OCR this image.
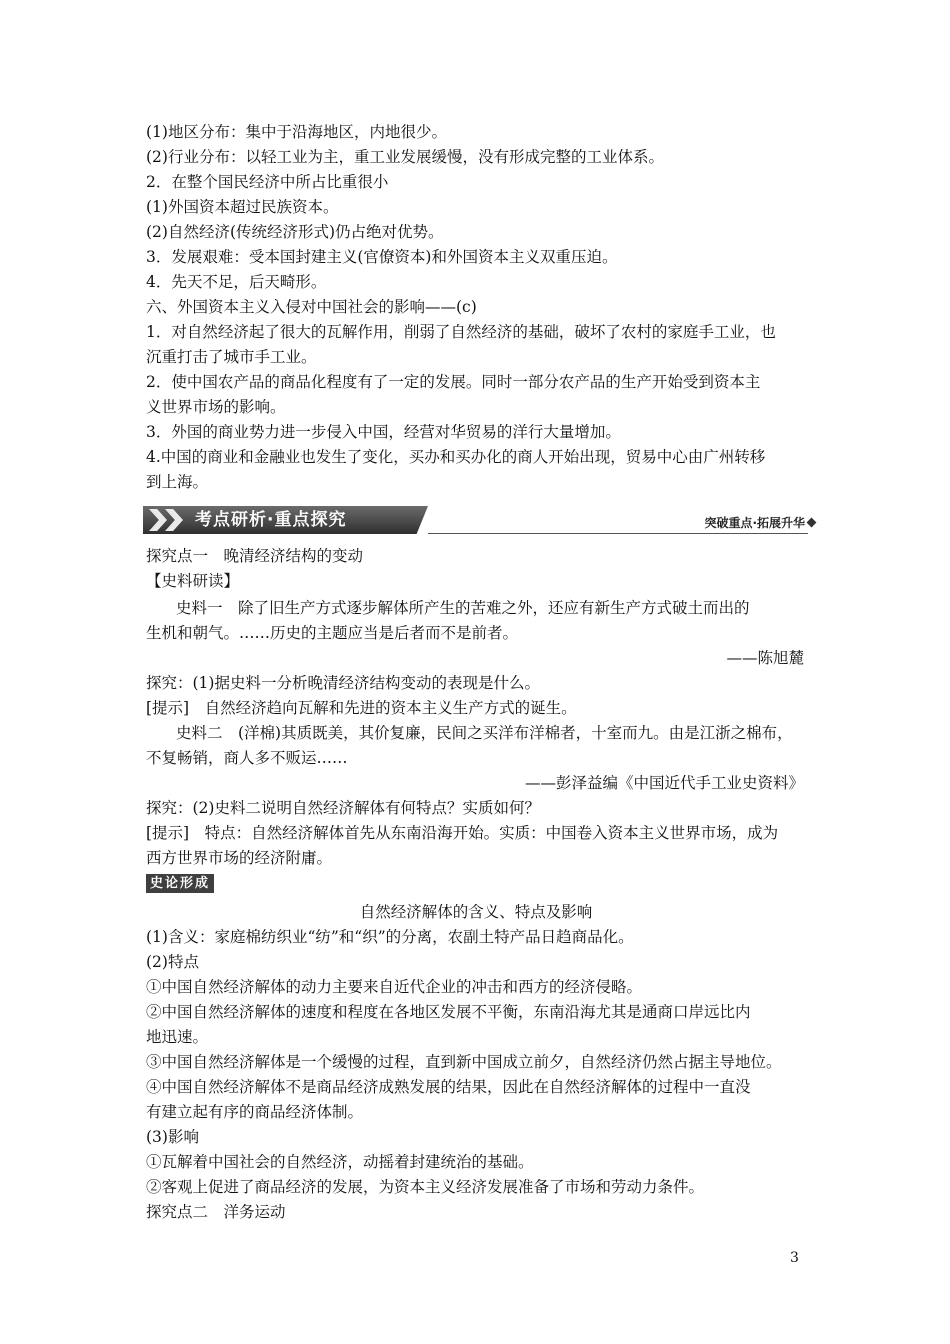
(1)地区分布：集中于沿海地区，内地很少。
(2)行业分布：以轻工业为主，重工业发展缓慢，没有形成完整的工业体系。
2．在整个国民经济中所占比重很小
(1)外国资本超过民族资本。
(2)自然经济(传统经济形式)仍占绝对优势。
3．发展艰难：受本国封建主义(官僚资本)和外国资本主义双重压迫。
4．先天不足，后天畸形。
六、外国资本主义入侵对中国社会的影响——(c)
1．对自然经济起了很大的瓦解作用，削弱了自然经济的基础，破坏了农村的家庭手工业，也
沉重打击了城市手工业。
2．使中国农产品的商品化程度有了一定的发展。同时一部分农产品的生产开始受到资本主
义世界市场的影响。
3．外国的商业势力进一步侵入中国，经营对华贸易的洋行大量增加。
4.中国的商业和金融业也发生了变化，买办和买办化的商人开始出现，贸易中心由广州转移
到上海。
考点研析·重点探究	突破重点·拓展升华
探究点一　晚清经济结构的变动
【史料研读】
史料一　除了旧生产方式逐步解体所产生的苦难之外，还应有新生产方式破土而出的
生机和朝气。……历史的主题应当是后者而不是前者。
——陈旭麓
探究：(1)据史料一分析晚清经济结构变动的表现是什么。
[提示]　自然经济趋向瓦解和先进的资本主义生产方式的诞生。
史料二　(洋棉)其质既美，其价复廉，民间之买洋布洋棉者，十室而九。由是江浙之棉布，
不复畅销，商人多不贩运……
——彭泽益编《中国近代手工业史资料》
探究：(2)史料二说明自然经济解体有何特点？实质如何？
[提示]　特点：自然经济解体首先从东南沿海开始。实质：中国卷入资本主义世界市场，成为
西方世界市场的经济附庸。
史论形成
自然经济解体的含义、特点及影响
(1)含义：家庭棉纺织业“纺”和“织”的分离，农副土特产品日趋商品化。
(2)特点
①中国自然经济解体的动力主要来自近代企业的冲击和西方的经济侵略。
②中国自然经济解体的速度和程度在各地区发展不平衡，东南沿海尤其是通商口岸远比内
地迅速。
③中国自然经济解体是一个缓慢的过程，直到新中国成立前夕，自然经济仍然占据主导地位。
④中国自然经济解体不是商品经济成熟发展的结果，因此在自然经济解体的过程中一直没
有建立起有序的商品经济体制。
(3)影响
①瓦解着中国社会的自然经济，动摇着封建统治的基础。
②客观上促进了商品经济的发展，为资本主义经济发展准备了市场和劳动力条件。
探究点二　洋务运动
3
